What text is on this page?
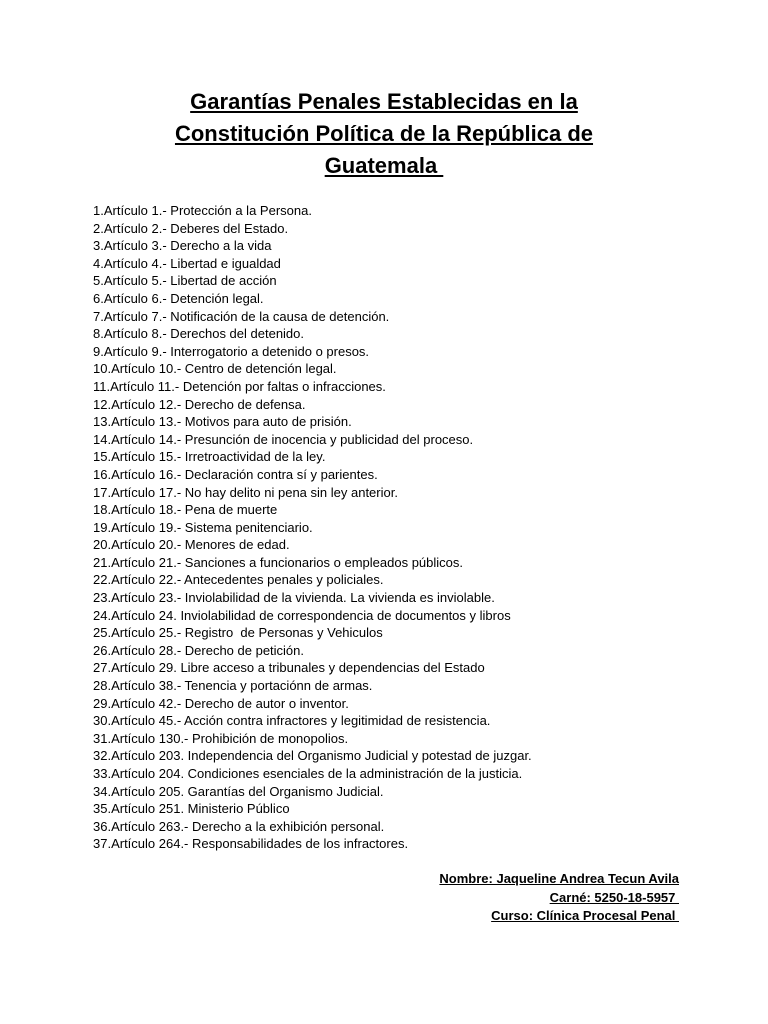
Garantías Penales Establecidas en la
Constitución Política de la República de
Guatemala
1.Artículo 1.- Protección a la Persona.
2.Artículo 2.- Deberes del Estado.
3.Artículo 3.- Derecho a la vida
4.Artículo 4.- Libertad e igualdad
5.Artículo 5.- Libertad de acción
6.Artículo 6.- Detención legal.
7.Artículo 7.- Notificación de la causa de detención.
8.Artículo 8.- Derechos del detenido.
9.Artículo 9.- Interrogatorio a detenido o presos.
10.Artículo 10.- Centro de detención legal.
11.Artículo 11.- Detención por faltas o infracciones.
12.Artículo 12.- Derecho de defensa.
13.Artículo 13.- Motivos para auto de prisión.
14.Artículo 14.- Presunción de inocencia y publicidad del proceso.
15.Artículo 15.- Irretroactividad de la ley.
16.Artículo 16.- Declaración contra sí y parientes.
17.Artículo 17.- No hay delito ni pena sin ley anterior.
18.Artículo 18.- Pena de muerte
19.Artículo 19.- Sistema penitenciario.
20.Artículo 20.- Menores de edad.
21.Artículo 21.- Sanciones a funcionarios o empleados públicos.
22.Artículo 22.- Antecedentes penales y policiales.
23.Artículo 23.- Inviolabilidad de la vivienda. La vivienda es inviolable.
24.Artículo 24. Inviolabilidad de correspondencia de documentos y libros
25.Artículo 25.- Registro  de Personas y Vehiculos
26.Artículo 28.- Derecho de petición.
27.Artículo 29. Libre acceso a tribunales y dependencias del Estado
28.Artículo 38.- Tenencia y portaciónn de armas.
29.Artículo 42.- Derecho de autor o inventor.
30.Artículo 45.- Acción contra infractores y legitimidad de resistencia.
31.Artículo 130.- Prohibición de monopolios.
32.Artículo 203. Independencia del Organismo Judicial y potestad de juzgar.
33.Artículo 204. Condiciones esenciales de la administración de la justicia.
34.Artículo 205. Garantías del Organismo Judicial.
35.Artículo 251. Ministerio Público
36.Artículo 263.- Derecho a la exhibición personal.
37.Artículo 264.- Responsabilidades de los infractores.
Nombre: Jaqueline Andrea Tecun Avila
Carné: 5250-18-5957
Curso: Clínica Procesal Penal
